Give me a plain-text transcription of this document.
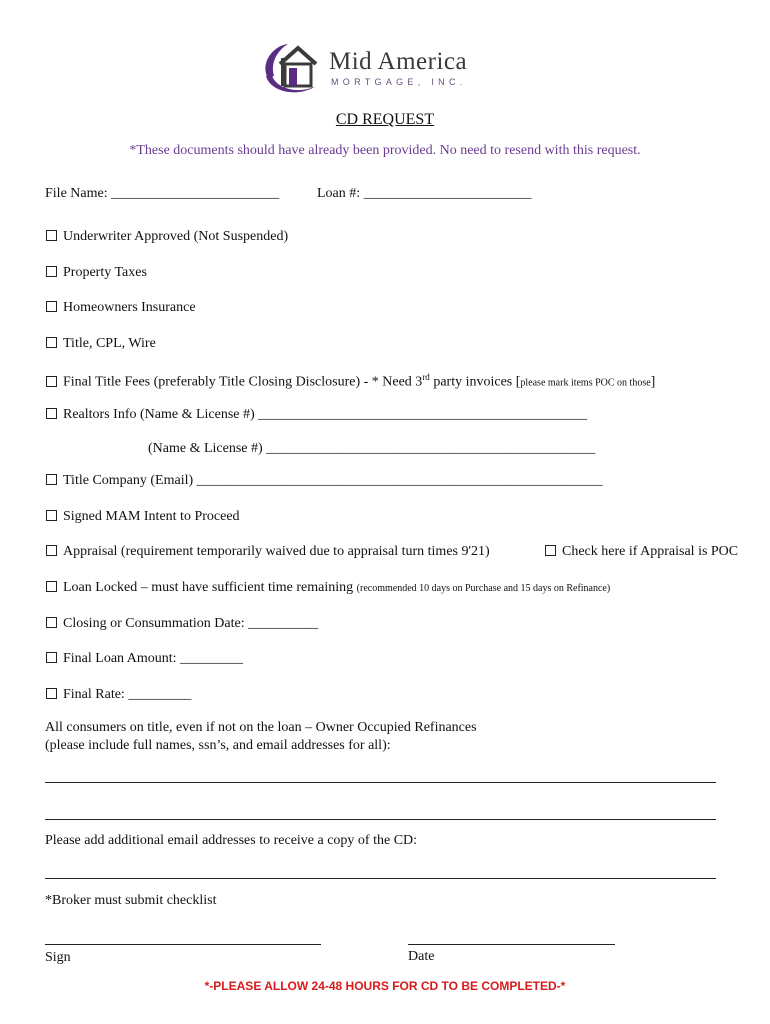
Mid America
MORTGAGE, INC.
CD REQUEST
*These documents should have already been provided. No need to resend with this request.
File Name: ________________________	Loan #: ________________________
Underwriter Approved (Not Suspended)
Property Taxes
Homeowners Insurance
Title, CPL, Wire
Final Title Fees (preferably Title Closing Disclosure) - * Need 3rd party invoices [please mark items POC on those]
Realtors Info (Name & License #) _______________________________________________
(Name & License #) _______________________________________________
Title Company (Email) __________________________________________________________
Signed MAM Intent to Proceed
Appraisal (requirement temporarily waived due to appraisal turn times 9'21)	Check here if Appraisal is POC
Loan Locked – must have sufficient time remaining (recommended 10 days on Purchase and 15 days on Refinance)
Closing or Consummation Date: __________
Final Loan Amount: _________
Final Rate: _________
All consumers on title, even if not on the loan – Owner Occupied Refinances
(please include full names, ssn’s, and email addresses for all):
Please add additional email addresses to receive a copy of the CD:
*Broker must submit checklist
Sign	Date
*-PLEASE ALLOW 24-48 HOURS FOR CD TO BE COMPLETED-*
